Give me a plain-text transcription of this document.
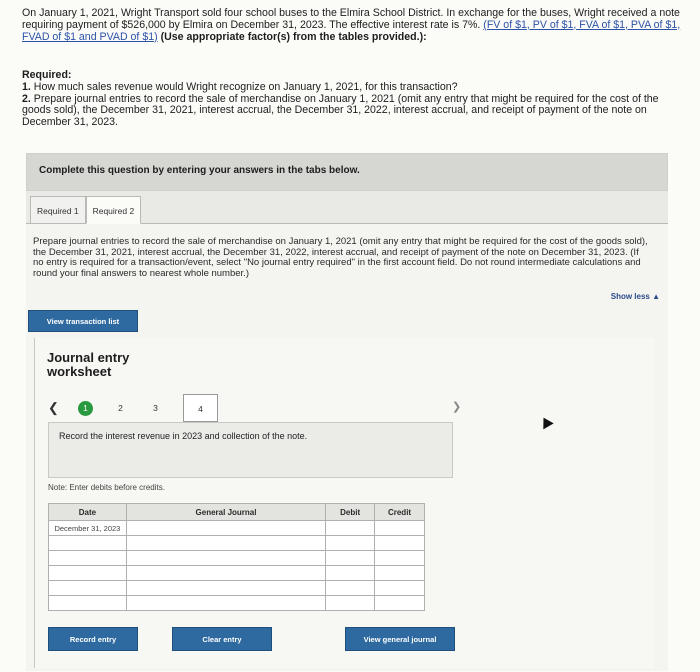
On January 1, 2021, Wright Transport sold four school buses to the Elmira School District. In exchange for the buses, Wright received a note requiring payment of $526,000 by Elmira on December 31, 2023. The effective interest rate is 7%. (FV of $1, PV of $1, FVA of $1, PVA of $1, FVAD of $1 and PVAD of $1) (Use appropriate factor(s) from the tables provided.):
Required:
1. How much sales revenue would Wright recognize on January 1, 2021, for this transaction?
2. Prepare journal entries to record the sale of merchandise on January 1, 2021 (omit any entry that might be required for the cost of the goods sold), the December 31, 2021, interest accrual, the December 31, 2022, interest accrual, and receipt of payment of the note on December 31, 2023.
Complete this question by entering your answers in the tabs below.
Required 1	Required 2
Prepare journal entries to record the sale of merchandise on January 1, 2021 (omit any entry that might be required for the cost of the goods sold), the December 31, 2021, interest accrual, the December 31, 2022, interest accrual, and receipt of payment of the note on December 31, 2023. (If no entry is required for a transaction/event, select "No journal entry required" in the first account field. Do not round intermediate calculations and round your final answers to nearest whole number.)
Show less ▲
View transaction list
Journal entry worksheet
❮	1	2	3	4	❯
Record the interest revenue in 2023 and collection of the note.
Note: Enter debits before credits.
Date	General Journal	Debit	Credit
December 31, 2023			

Record entry	Clear entry	View general journal
